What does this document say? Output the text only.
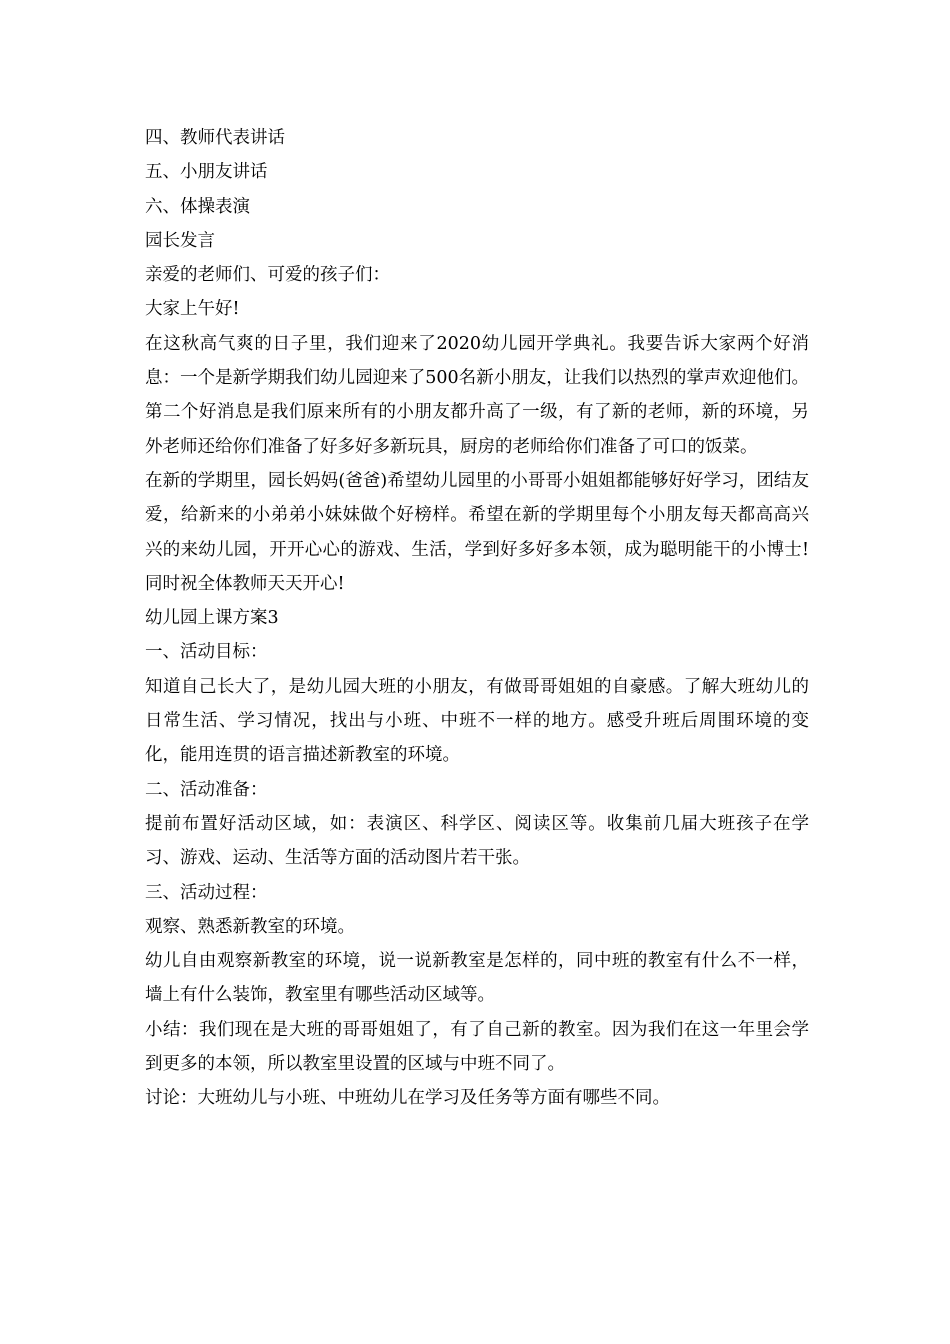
四、教师代表讲话

五、小朋友讲话

六、体操表演

园长发言

亲爱的老师们、可爱的孩子们：

大家上午好!

在这秋高气爽的日子里，我们迎来了2020幼儿园开学典礼。我要告诉大家两个好消息：一个是新学期我们幼儿园迎来了500名新小朋友，让我们以热烈的掌声欢迎他们。第二个好消息是我们原来所有的小朋友都升高了一级，有了新的老师，新的环境，另外老师还给你们准备了好多好多新玩具，厨房的老师给你们准备了可口的饭菜。

在新的学期里，园长妈妈(爸爸)希望幼儿园里的小哥哥小姐姐都能够好好学习，团结友爱，给新来的小弟弟小妹妹做个好榜样。希望在新的学期里每个小朋友每天都高高兴兴的来幼儿园，开开心心的游戏、生活，学到好多好多本领，成为聪明能干的小博士!同时祝全体教师天天开心!

幼儿园上课方案3

一、活动目标：

知道自己长大了，是幼儿园大班的小朋友，有做哥哥姐姐的自豪感。了解大班幼儿的日常生活、学习情况，找出与小班、中班不一样的地方。感受升班后周围环境的变化，能用连贯的语言描述新教室的环境。

二、活动准备：

提前布置好活动区域，如：表演区、科学区、阅读区等。收集前几届大班孩子在学习、游戏、运动、生活等方面的活动图片若干张。

三、活动过程：

观察、熟悉新教室的环境。

幼儿自由观察新教室的环境，说一说新教室是怎样的，同中班的教室有什么不一样，墙上有什么装饰，教室里有哪些活动区域等。

小结：我们现在是大班的哥哥姐姐了，有了自己新的教室。因为我们在这一年里会学到更多的本领，所以教室里设置的区域与中班不同了。

讨论：大班幼儿与小班、中班幼儿在学习及任务等方面有哪些不同。
